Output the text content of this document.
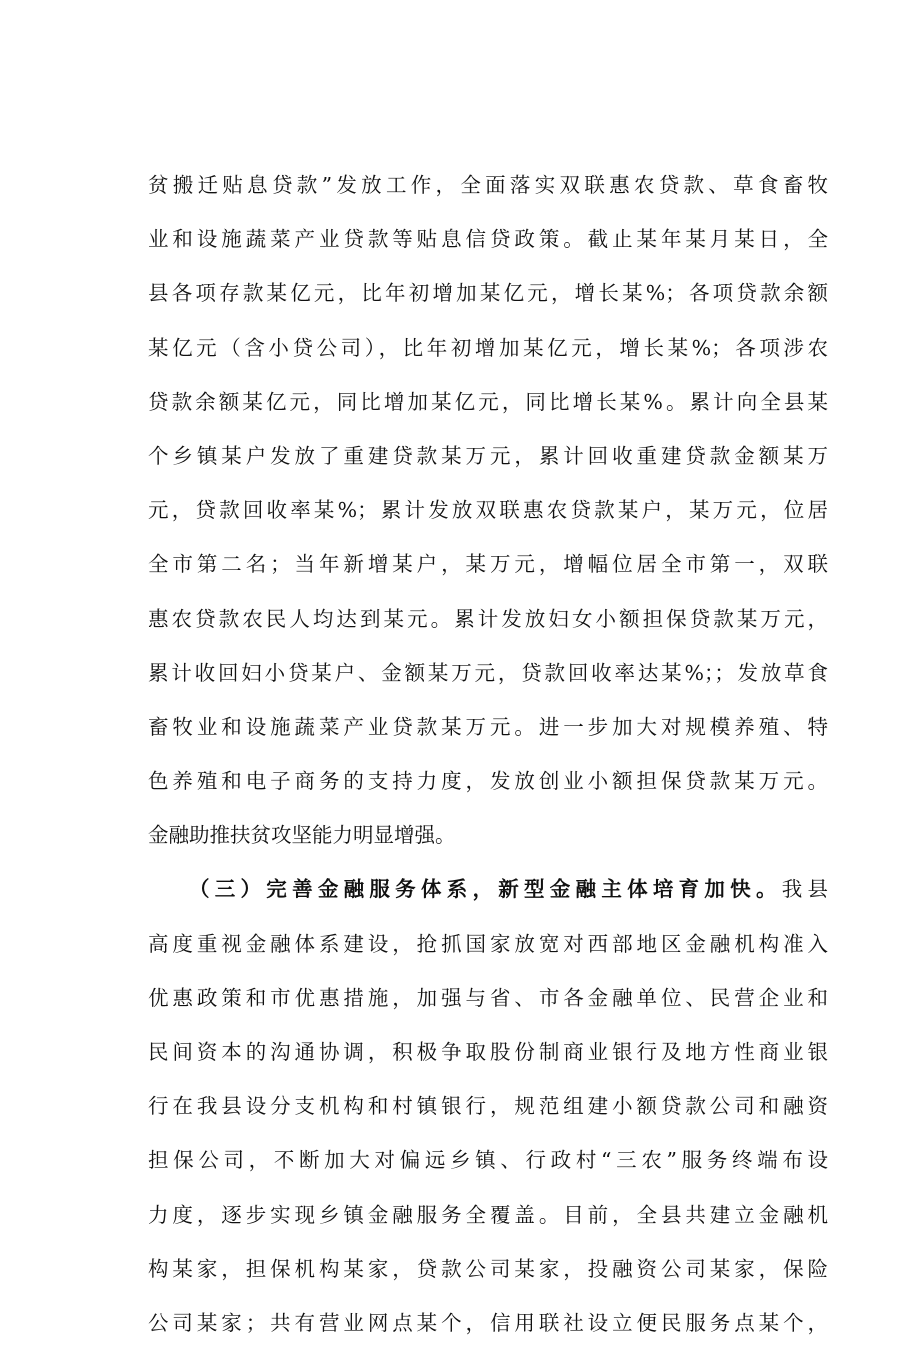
贫搬迁贴息贷款”发放工作，全面落实双联惠农贷款、草食畜牧
业和设施蔬菜产业贷款等贴息信贷政策。截止某年某月某日，全
县各项存款某亿元，比年初增加某亿元，增长某%；各项贷款余额
某亿元（含小贷公司），比年初增加某亿元，增长某%；各项涉农
贷款余额某亿元，同比增加某亿元，同比增长某%。累计向全县某
个乡镇某户发放了重建贷款某万元，累计回收重建贷款金额某万
元，贷款回收率某%；累计发放双联惠农贷款某户，某万元，位居
全市第二名；当年新增某户，某万元，增幅位居全市第一，双联
惠农贷款农民人均达到某元。累计发放妇女小额担保贷款某万元，
累计收回妇小贷某户、金额某万元，贷款回收率达某%；；发放草食
畜牧业和设施蔬菜产业贷款某万元。进一步加大对规模养殖、特
色养殖和电子商务的支持力度，发放创业小额担保贷款某万元。
金融助推扶贫攻坚能力明显增强。
（三）完善金融服务体系，新型金融主体培育加快。我县
高度重视金融体系建设，抢抓国家放宽对西部地区金融机构准入
优惠政策和市优惠措施，加强与省、市各金融单位、民营企业和
民间资本的沟通协调，积极争取股份制商业银行及地方性商业银
行在我县设分支机构和村镇银行，规范组建小额贷款公司和融资
担保公司，不断加大对偏远乡镇、行政村“三农”服务终端布设
力度，逐步实现乡镇金融服务全覆盖。目前，全县共建立金融机
构某家，担保机构某家，贷款公司某家，投融资公司某家，保险
公司某家；共有营业网点某个，信用联社设立便民服务点某个，
